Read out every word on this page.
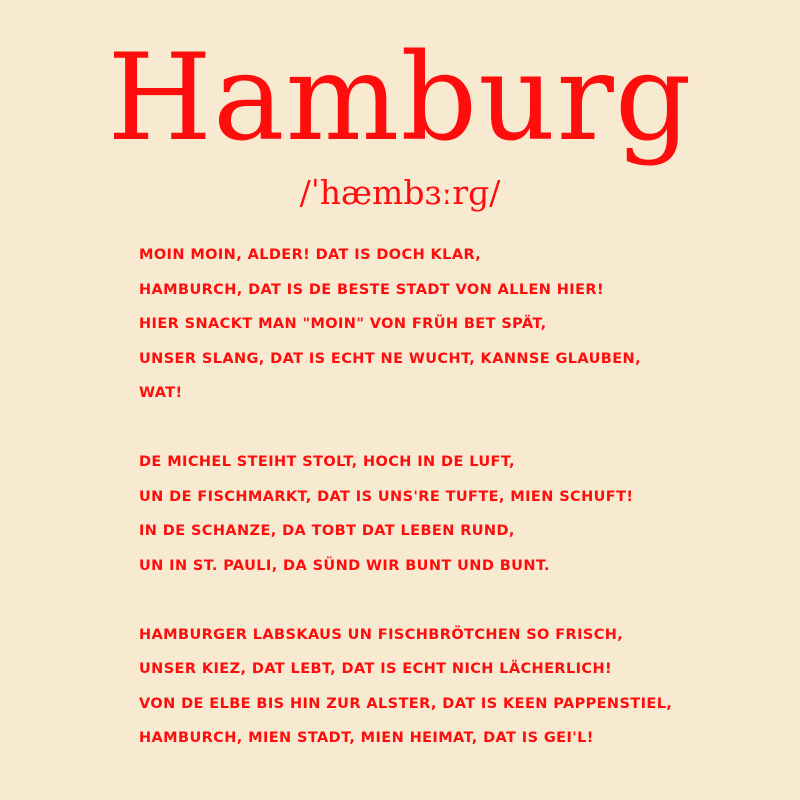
Hamburg
/ˈhæmbɜːrɡ/
MOIN MOIN, ALDER! DAT IS DOCH KLAR,
HAMBURCH, DAT IS DE BESTE STADT VON ALLEN HIER!
HIER SNACKT MAN "MOIN" VON FRÜH BET SPÄT,
UNSER SLANG, DAT IS ECHT NE WUCHT, KANNSE GLAUBEN,
WAT!
DE MICHEL STEIHT STOLT, HOCH IN DE LUFT,
UN DE FISCHMARKT, DAT IS UNS'RE TUFTE, MIEN SCHUFT!
IN DE SCHANZE, DA TOBT DAT LEBEN RUND,
UN IN ST. PAULI, DA SÜND WIR BUNT UND BUNT.
HAMBURGER LABSKAUS UN FISCHBRÖTCHEN SO FRISCH,
UNSER KIEZ, DAT LEBT, DAT IS ECHT NICH LÄCHERLICH!
VON DE ELBE BIS HIN ZUR ALSTER, DAT IS KEEN PAPPENSTIEL,
HAMBURCH, MIEN STADT, MIEN HEIMAT, DAT IS GEI'L!
